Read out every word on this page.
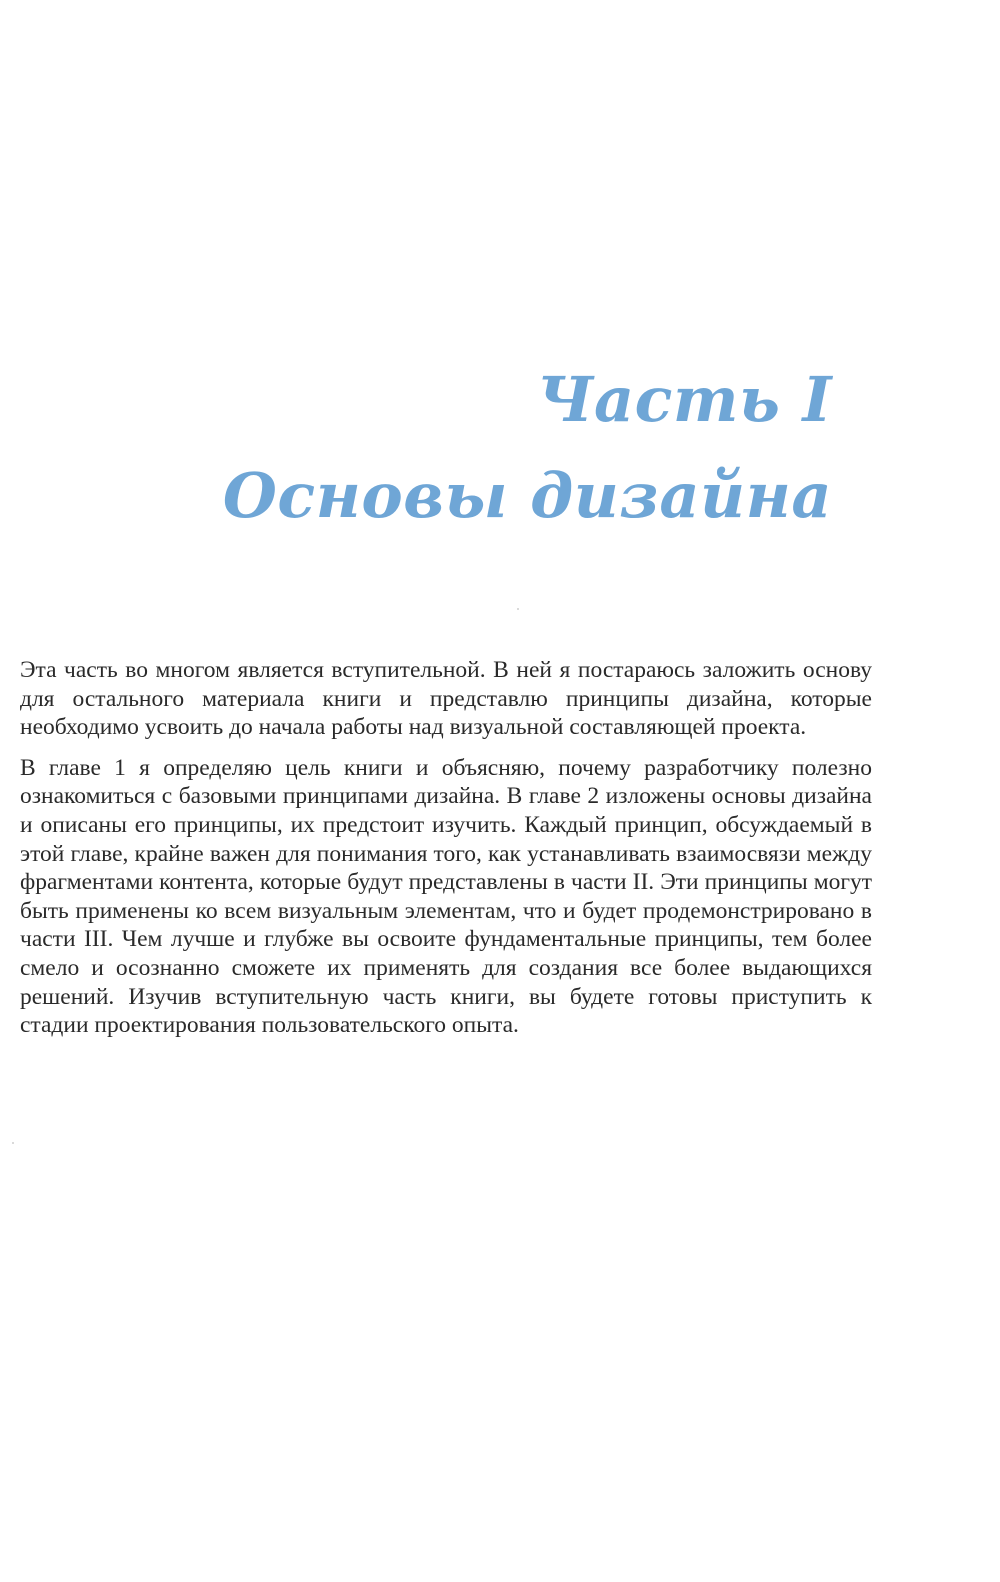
Часть I
Основы дизайна

Эта часть во многом является вступительной. В ней я постараюсь заложить основу для остального материала книги и представлю принципы дизайна, которые необходимо усвоить до начала работы над визуальной составляющей проекта.

В главе 1 я определяю цель книги и объясняю, почему разработчику полезно ознакомиться с базовыми принципами дизайна. В главе 2 изложены основы дизайна и описаны его принципы, их предстоит изучить. Каждый принцип, обсуждаемый в этой главе, крайне важен для понимания того, как устанавливать взаимосвязи между фрагментами контента, которые будут представлены в части II. Эти принципы могут быть применены ко всем визуальным элементам, что и будет продемонстрировано в части III. Чем лучше и глубже вы освоите фундаментальные принципы, тем более смело и осознанно сможете их применять для создания все более выдающихся решений. Изучив вступительную часть книги, вы будете готовы приступить к стадии проектирования пользовательского опыта.
